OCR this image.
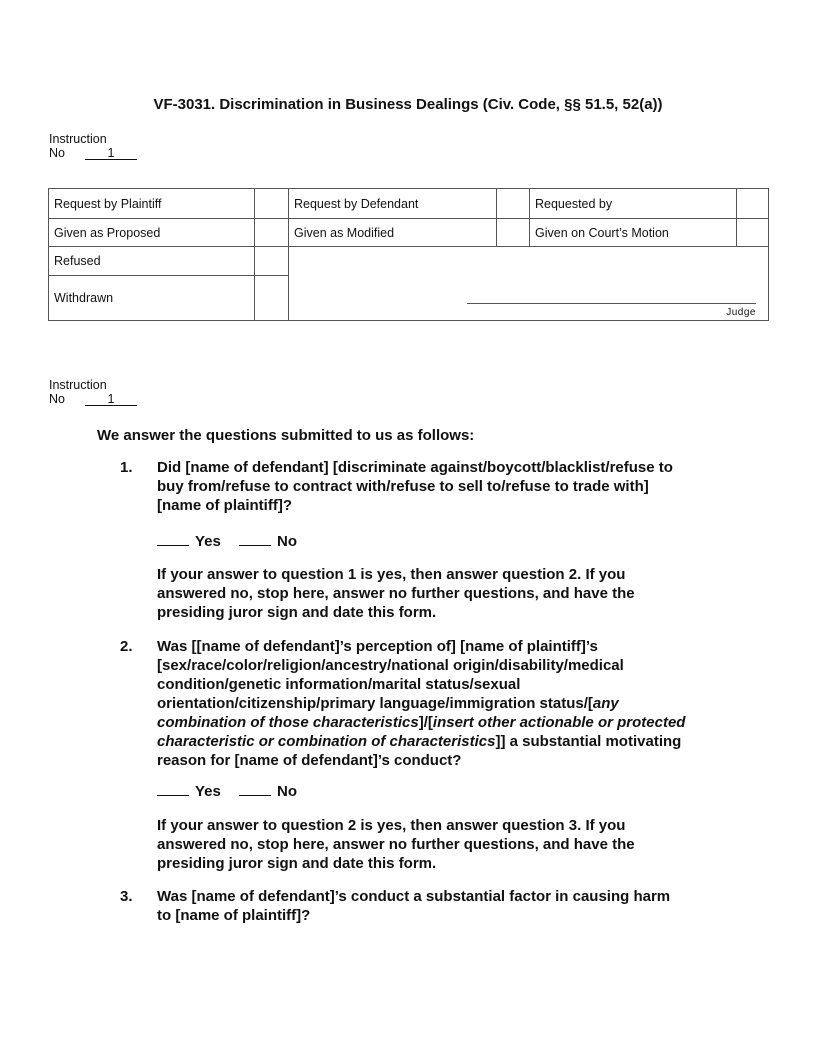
VF-3031. Discrimination in Business Dealings (Civ. Code, §§ 51.5, 52(a))
Instruction
No	1
Request by Plaintiff		Request by Defendant		Requested by	
Given as Proposed		Given as Modified		Given on Court’s Motion	
Refused		Judge			

Withdrawn					
Instruction
No	1
We answer the questions submitted to us as follows:
1. Did [name of defendant] [discriminate against/boycott/blacklist/refuse to
buy from/refuse to contract with/refuse to sell to/refuse to trade with]
[name of plaintiff]?
Yes	No
If your answer to question 1 is yes, then answer question 2. If you
answered no, stop here, answer no further questions, and have the
presiding juror sign and date this form.
2. Was [[name of defendant]’s perception of] [name of plaintiff]’s
[sex/race/color/religion/ancestry/national origin/disability/medical
condition/genetic information/marital status/sexual
orientation/citizenship/primary language/immigration status/[any
combination of those characteristics]/[insert other actionable or protected
characteristic or combination of characteristics]] a substantial motivating
reason for [name of defendant]’s conduct?
Yes	No
If your answer to question 2 is yes, then answer question 3. If you
answered no, stop here, answer no further questions, and have the
presiding juror sign and date this form.
3. Was [name of defendant]’s conduct a substantial factor in causing harm
to [name of plaintiff]?
